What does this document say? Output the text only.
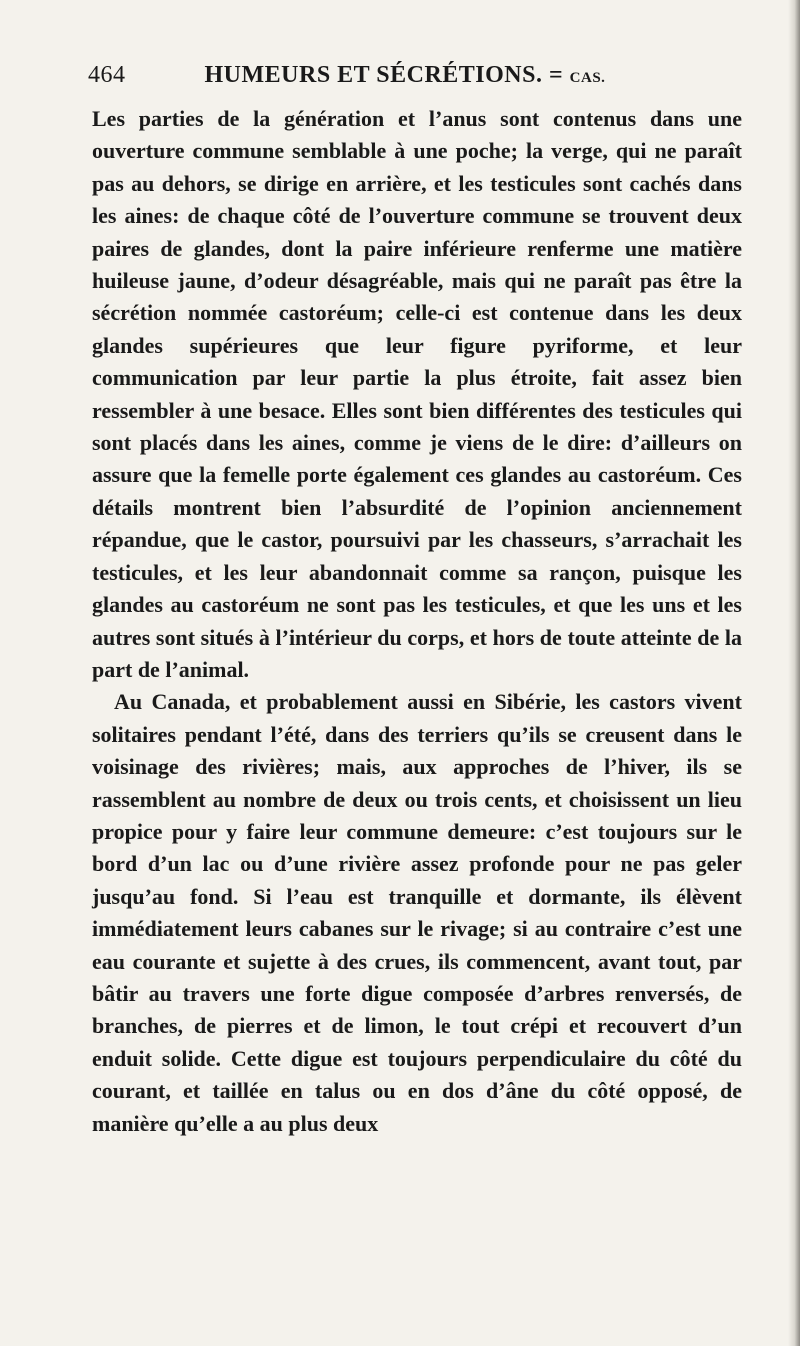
464	HUMEURS ET SÉCRÉTIONS. = CAS.

Les parties de la génération et l’anus sont contenus dans une ouverture commune semblable à une poche; la verge, qui ne paraît pas au dehors, se dirige en arrière, et les testicules sont cachés dans les aines: de chaque côté de l’ouverture commune se trouvent deux paires de glandes, dont la paire inférieure renferme une matière huileuse jaune, d’odeur désagréable, mais qui ne paraît pas être la sécrétion nommée castoréum; celle-ci est contenue dans les deux glandes supérieures que leur figure pyriforme, et leur communication par leur partie la plus étroite, fait assez bien ressembler à une besace. Elles sont bien différentes des testicules qui sont placés dans les aines, comme je viens de le dire: d’ailleurs on assure que la femelle porte également ces glandes au castoréum. Ces détails montrent bien l’absurdité de l’opinion anciennement répandue, que le castor, poursuivi par les chasseurs, s’arrachait les testicules, et les leur abandonnait comme sa rançon, puisque les glandes au castoréum ne sont pas les testicules, et que les uns et les autres sont situés à l’intérieur du corps, et hors de toute atteinte de la part de l’animal.

Au Canada, et probablement aussi en Sibérie, les castors vivent solitaires pendant l’été, dans des terriers qu’ils se creusent dans le voisinage des rivières; mais, aux approches de l’hiver, ils se rassemblent au nombre de deux ou trois cents, et choisissent un lieu propice pour y faire leur commune demeure: c’est toujours sur le bord d’un lac ou d’une rivière assez profonde pour ne pas geler jusqu’au fond. Si l’eau est tranquille et dormante, ils élèvent immédiatement leurs cabanes sur le rivage; si au contraire c’est une eau courante et sujette à des crues, ils commencent, avant tout, par bâtir au travers une forte digue composée d’arbres renversés, de branches, de pierres et de limon, le tout crépi et recouvert d’un enduit solide. Cette digue est toujours perpendiculaire du côté du courant, et taillée en talus ou en dos d’âne du côté opposé, de manière qu’elle a au plus deux
